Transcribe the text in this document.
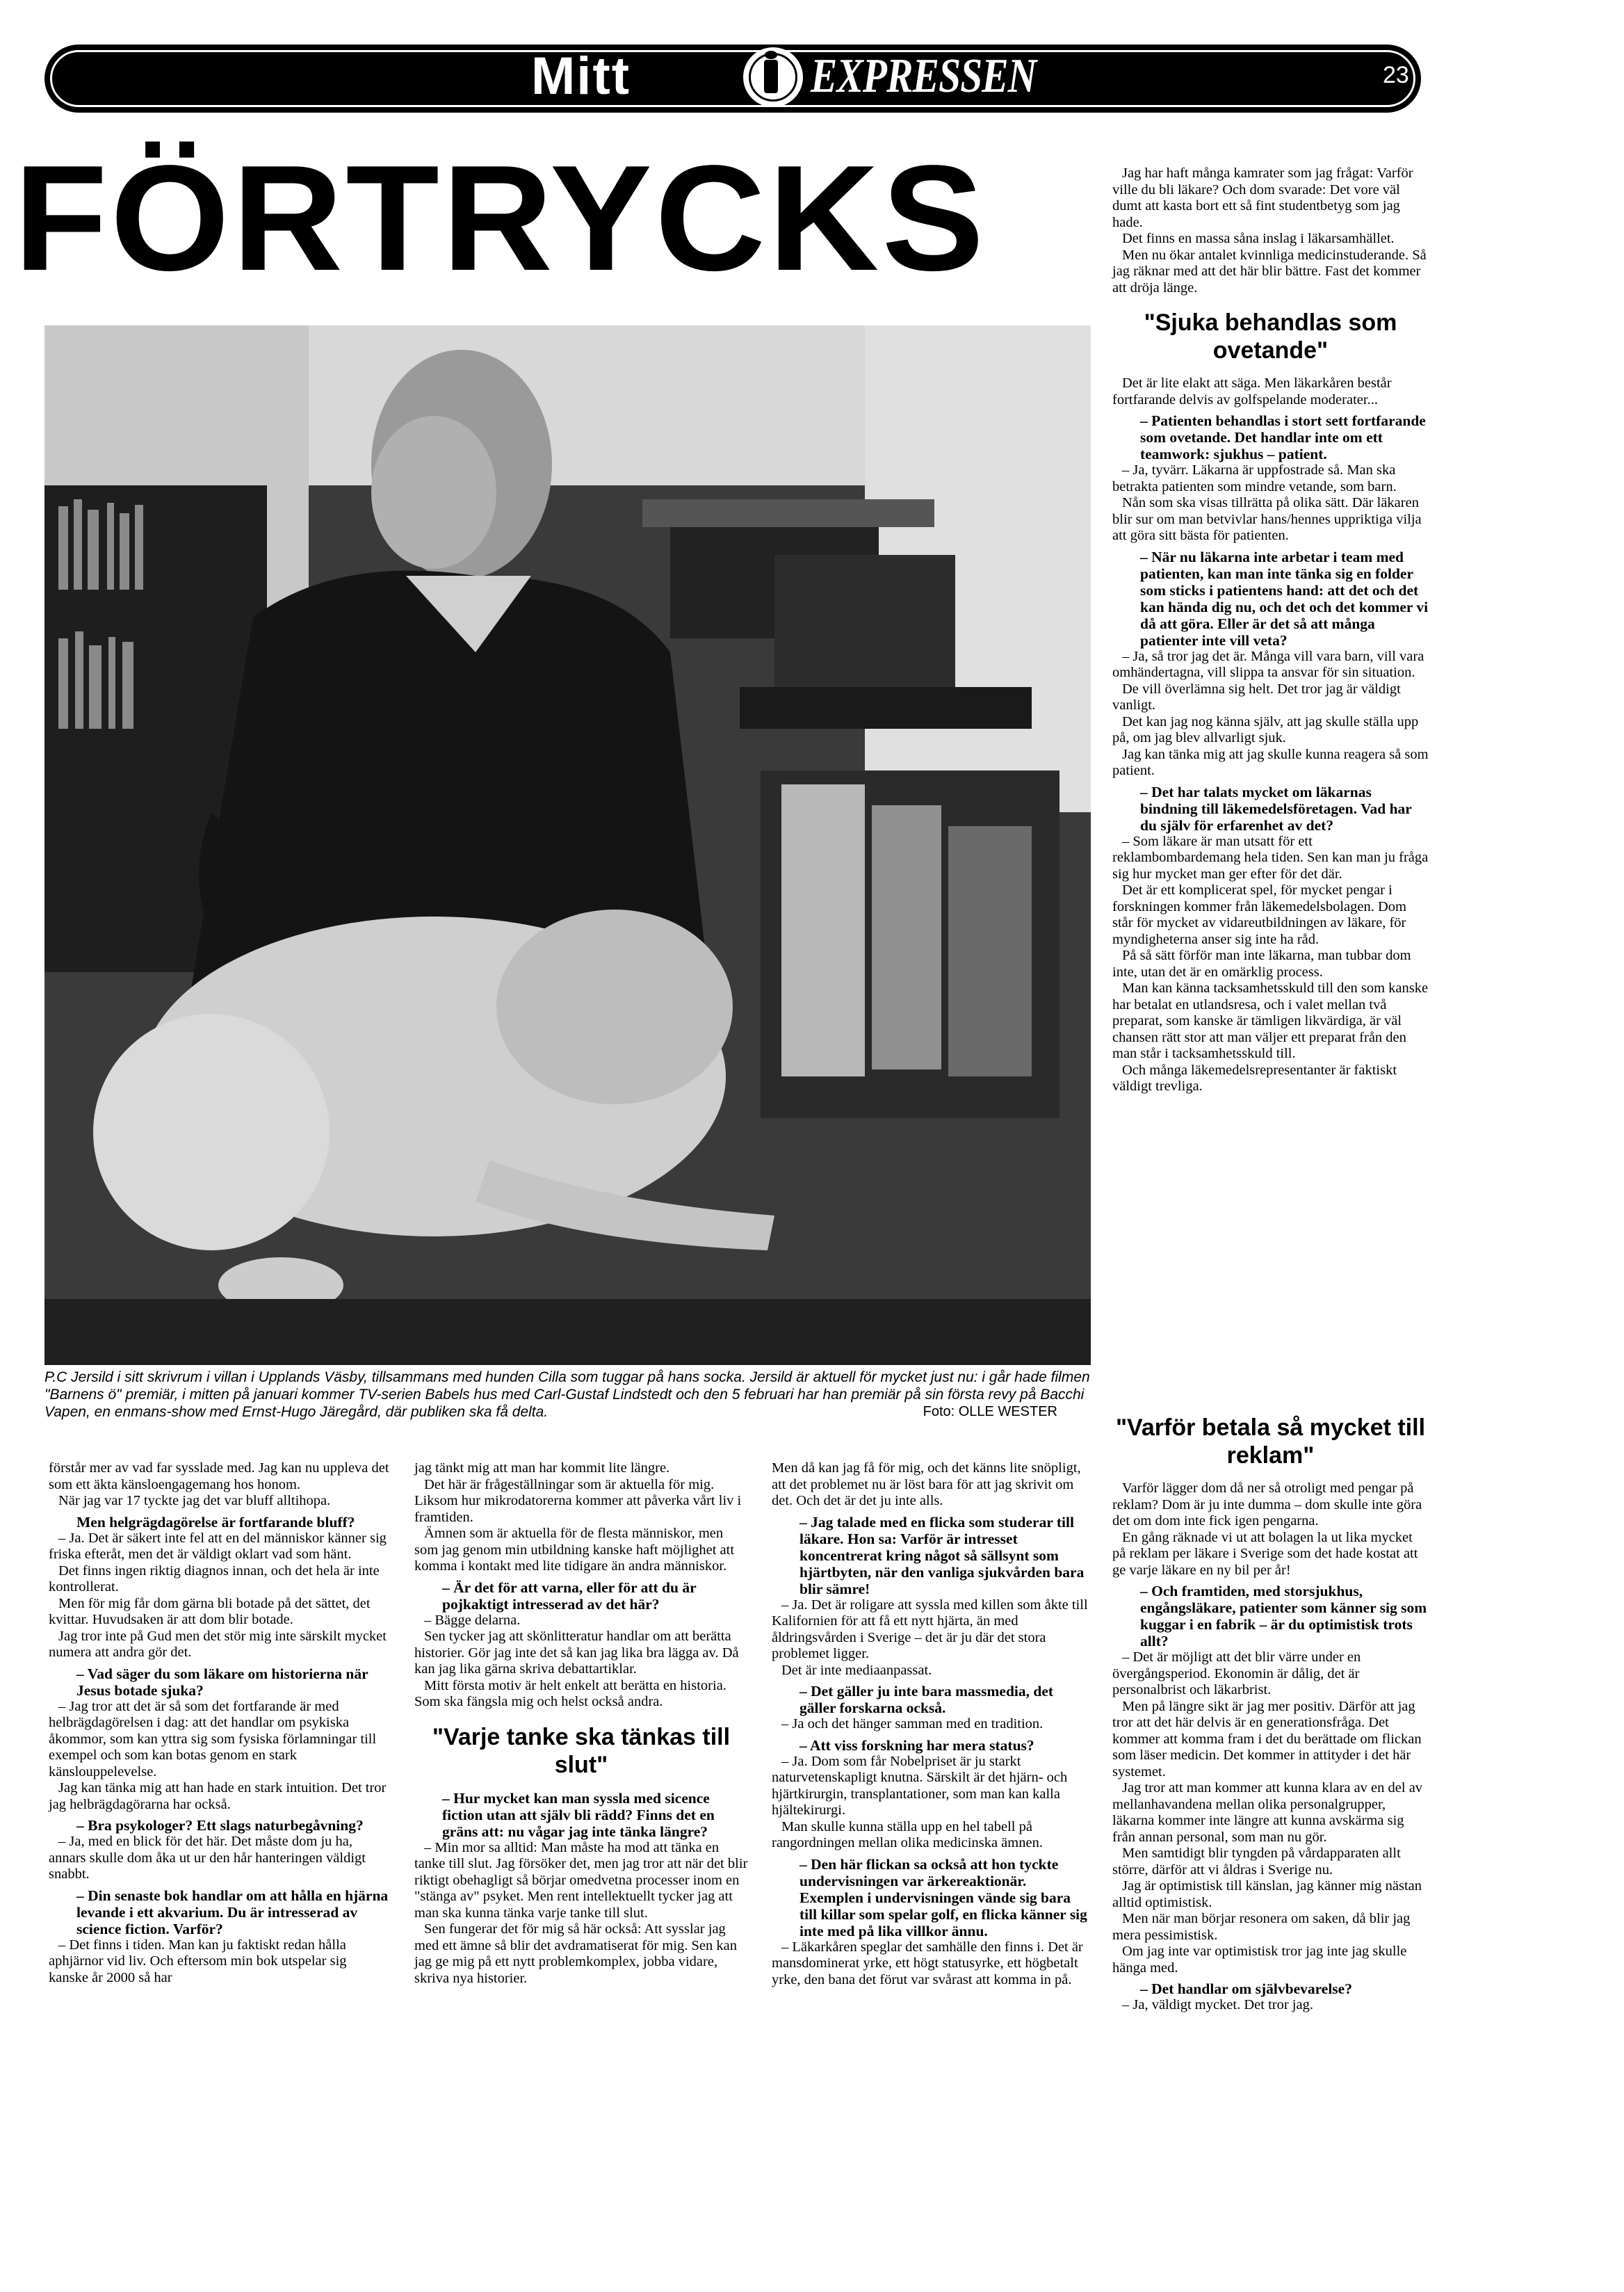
Mitt	EXPRESSEN	23
FÖRTRYCKS
P.C Jersild i sitt skrivrum i villan i Upplands Väsby, tillsammans med hunden Cilla som tuggar på hans socka. Jersild är aktuell för mycket just nu: i går hade filmen "Barnens ö" premiär, i mitten på januari kommer TV-serien Babels hus med Carl-Gustaf Lindstedt och den 5 februari har han premiär på sin första revy på Bacchi Vapen, en enmans-show med Ernst-Hugo Järegård, där publiken ska få delta.	Foto: OLLE WESTER

förstår mer av vad far sysslade med. Jag kan nu uppleva det som ett äkta känsloengagemang hos honom.

När jag var 17 tyckte jag det var bluff alltihopa.

Men helgrägdagörelse är fortfarande bluff?

– Ja. Det är säkert inte fel att en del människor känner sig friska efteråt, men det är väldigt oklart vad som hänt.

Det finns ingen riktig diagnos innan, och det hela är inte kontrollerat.

Men för mig får dom gärna bli botade på det sättet, det kvittar. Huvudsaken är att dom blir botade.

Jag tror inte på Gud men det stör mig inte särskilt mycket numera att andra gör det.

– Vad säger du som läkare om historierna när Jesus botade sjuka?

– Jag tror att det är så som det fortfarande är med helbrägdagörelsen i dag: att det handlar om psykiska åkommor, som kan yttra sig som fysiska förlamningar till exempel och som kan botas genom en stark känslouppelevelse.

Jag kan tänka mig att han hade en stark intuition. Det tror jag helbrägdagörarna har också.

– Bra psykologer? Ett slags naturbegåvning?

– Ja, med en blick för det här. Det måste dom ju ha, annars skulle dom åka ut ur den hår hanteringen väldigt snabbt.

– Din senaste bok handlar om att hålla en hjärna levande i ett akvarium. Du är intresserad av science fiction. Varför?

– Det finns i tiden. Man kan ju faktiskt redan hålla aphjärnor vid liv. Och eftersom min bok utspelar sig kanske år 2000 så har

jag tänkt mig att man har kommit lite längre.

Det här är frågeställningar som är aktuella för mig. Liksom hur mikrodatorerna kommer att påverka vårt liv i framtiden.

Ämnen som är aktuella för de flesta människor, men som jag genom min utbildning kanske haft möjlighet att komma i kontakt med lite tidigare än andra människor.

– Är det för att varna, eller för att du är pojkaktigt intresserad av det här?

– Bägge delarna.

Sen tycker jag att skönlitteratur handlar om att berätta historier. Gör jag inte det så kan jag lika bra lägga av. Då kan jag lika gärna skriva debattartiklar.

Mitt första motiv är helt enkelt att berätta en historia. Som ska fängsla mig och helst också andra.

"Varje tanke ska tänkas till slut"

– Hur mycket kan man syssla med sicence fiction utan att själv bli rädd? Finns det en gräns att: nu vågar jag inte tänka längre?

– Min mor sa alltid: Man måste ha mod att tänka en tanke till slut. Jag försöker det, men jag tror att när det blir riktigt obehagligt så börjar omedvetna processer inom en "stänga av" psyket. Men rent intellektuellt tycker jag att man ska kunna tänka varje tanke till slut.

Sen fungerar det för mig så här också: Att sysslar jag med ett ämne så blir det avdramatiserat för mig. Sen kan jag ge mig på ett nytt problemkomplex, jobba vidare, skriva nya historier.

Men då kan jag få för mig, och det känns lite snöpligt, att det problemet nu är löst bara för att jag skrivit om det. Och det är det ju inte alls.

– Jag talade med en flicka som studerar till läkare. Hon sa: Varför är intresset koncentrerat kring något så sällsynt som hjärtbyten, när den vanliga sjukvården bara blir sämre!

– Ja. Det är roligare att syssla med killen som åkte till Kalifornien för att få ett nytt hjärta, än med åldringsvården i Sverige – det är ju där det stora problemet ligger.

Det är inte mediaanpassat.

– Det gäller ju inte bara massmedia, det gäller forskarna också.

– Ja och det hänger samman med en tradition.

– Att viss forskning har mera status?

– Ja. Dom som får Nobelpriset är ju starkt naturvetenskapligt knutna. Särskilt är det hjärn- och hjärtkirurgin, transplantationer, som man kan kalla hjältekirurgi.

Man skulle kunna ställa upp en hel tabell på rangordningen mellan olika medicinska ämnen.

– Den här flickan sa också att hon tyckte undervisningen var ärkereaktionär. Exemplen i undervisningen vände sig bara till killar som spelar golf, en flicka känner sig inte med på lika villkor ännu.

– Läkarkåren speglar det samhälle den finns i. Det är mansdominerat yrke, ett högt statusyrke, ett högbetalt yrke, den bana det förut var svårast att komma in på.

Jag har haft många kamrater som jag frågat: Varför ville du bli läkare? Och dom svarade: Det vore väl dumt att kasta bort ett så fint studentbetyg som jag hade.

Det finns en massa såna inslag i läkarsamhället.

Men nu ökar antalet kvinnliga medicinstuderande. Så jag räknar med att det här blir bättre. Fast det kommer att dröja länge.

"Sjuka behandlas som ovetande"

Det är lite elakt att säga. Men läkarkåren består fortfarande delvis av golfspelande moderater...

– Patienten behandlas i stort sett fortfarande som ovetande. Det handlar inte om ett teamwork: sjukhus – patient.

– Ja, tyvärr. Läkarna är uppfostrade så. Man ska betrakta patienten som mindre vetande, som barn.

Nån som ska visas tillrätta på olika sätt. Där läkaren blir sur om man betvivlar hans/hennes uppriktiga vilja att göra sitt bästa för patienten.

– När nu läkarna inte arbetar i team med patienten, kan man inte tänka sig en folder som sticks i patientens hand: att det och det kan hända dig nu, och det och det kommer vi då att göra. Eller är det så att många patienter inte vill veta?

– Ja, så tror jag det är. Många vill vara barn, vill vara omhändertagna, vill slippa ta ansvar för sin situation.

De vill överlämna sig helt. Det tror jag är väldigt vanligt.

Det kan jag nog känna själv, att jag skulle ställa upp på, om jag blev allvarligt sjuk.

Jag kan tänka mig att jag skulle kunna reagera så som patient.

– Det har talats mycket om läkarnas bindning till läkemedelsföretagen. Vad har du själv för erfarenhet av det?

– Som läkare är man utsatt för ett reklambombardemang hela tiden. Sen kan man ju fråga sig hur mycket man ger efter för det där.

Det är ett komplicerat spel, för mycket pengar i forskningen kommer från läkemedelsbolagen. Dom står för mycket av vidareutbildningen av läkare, för myndigheterna anser sig inte ha råd.

På så sätt förför man inte läkarna, man tubbar dom inte, utan det är en omärklig process.

Man kan känna tacksamhetsskuld till den som kanske har betalat en utlandsresa, och i valet mellan två preparat, som kanske är tämligen likvärdiga, är väl chansen rätt stor att man väljer ett preparat från den man står i tacksamhetsskuld till.

Och många läkemedelsrepresentanter är faktiskt väldigt trevliga.

"Varför betala så mycket till reklam"

Varför lägger dom då ner så otroligt med pengar på reklam? Dom är ju inte dumma – dom skulle inte göra det om dom inte fick igen pengarna.

En gång räknade vi ut att bolagen la ut lika mycket på reklam per läkare i Sverige som det hade kostat att ge varje läkare en ny bil per år!

– Och framtiden, med storsjukhus, engångsläkare, patienter som känner sig som kuggar i en fabrik – är du optimistisk trots allt?

– Det är möjligt att det blir värre under en övergångsperiod. Ekonomin är dålig, det är personalbrist och läkarbrist.

Men på längre sikt är jag mer positiv. Därför att jag tror att det här delvis är en generationsfråga. Det kommer att komma fram i det du berättade om flickan som läser medicin. Det kommer in attityder i det här systemet.

Jag tror att man kommer att kunna klara av en del av mellanhavandena mellan olika personalgrupper, läkarna kommer inte längre att kunna avskärma sig från annan personal, som man nu gör.

Men samtidigt blir tyngden på vårdapparaten allt större, därför att vi åldras i Sverige nu.

Jag är optimistisk till känslan, jag känner mig nästan alltid optimistisk.

Men när man börjar resonera om saken, då blir jag mera pessimistisk.

Om jag inte var optimistisk tror jag inte jag skulle hänga med.

– Det handlar om självbevarelse?

– Ja, väldigt mycket. Det tror jag.
